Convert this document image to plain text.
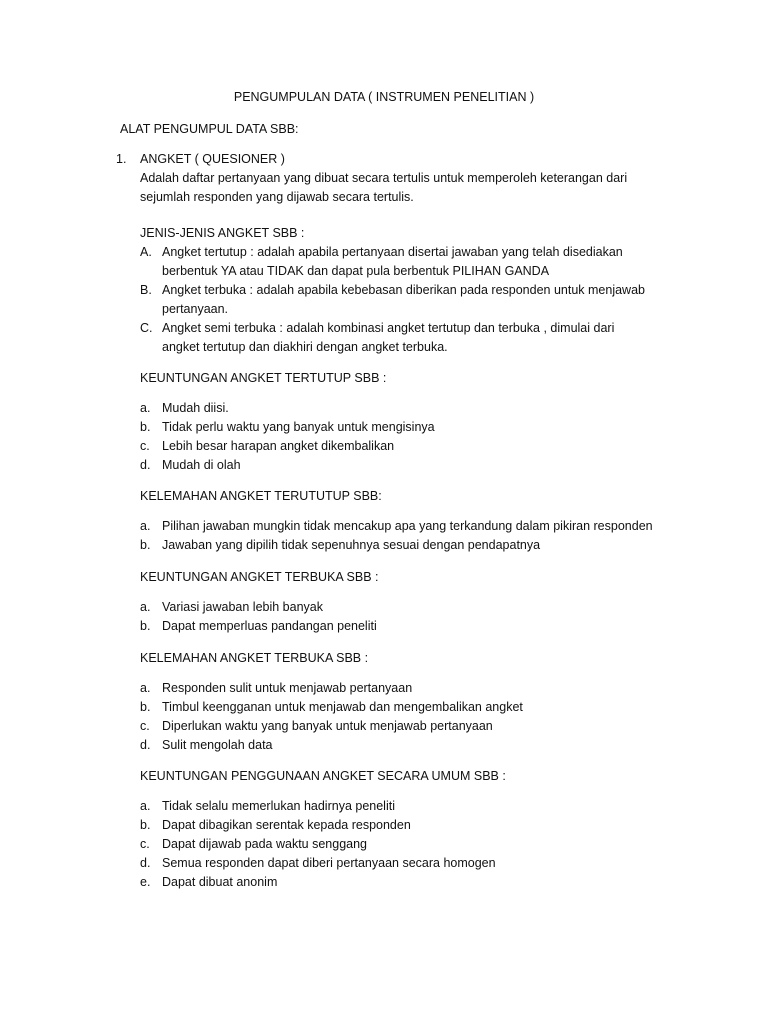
PENGUMPULAN DATA ( INSTRUMEN PENELITIAN )
ALAT PENGUMPUL DATA SBB:
1. ANGKET ( QUESIONER )
Adalah daftar pertanyaan yang dibuat secara tertulis untuk memperoleh keterangan dari
sejumlah responden yang dijawab secara tertulis.
JENIS-JENIS ANGKET SBB :
A. Angket tertutup : adalah apabila pertanyaan disertai jawaban yang telah disediakan
berbentuk YA atau TIDAK dan dapat pula berbentuk PILIHAN GANDA
B. Angket terbuka : adalah apabila kebebasan diberikan pada responden untuk menjawab
pertanyaan.
C. Angket semi terbuka : adalah kombinasi angket tertutup dan terbuka , dimulai dari
angket tertutup dan diakhiri dengan angket terbuka.
KEUNTUNGAN ANGKET TERTUTUP SBB :
a. Mudah diisi.
b. Tidak perlu waktu yang banyak untuk mengisinya
c. Lebih besar harapan angket dikembalikan
d. Mudah di olah
KELEMAHAN ANGKET TERUTUTUP SBB:
a. Pilihan jawaban mungkin tidak mencakup apa yang terkandung dalam pikiran responden
b. Jawaban yang dipilih tidak sepenuhnya sesuai dengan pendapatnya
KEUNTUNGAN ANGKET TERBUKA SBB :
a. Variasi jawaban lebih banyak
b. Dapat memperluas pandangan peneliti
KELEMAHAN ANGKET TERBUKA SBB :
a. Responden sulit untuk menjawab pertanyaan
b. Timbul keengganan untuk menjawab dan mengembalikan angket
c. Diperlukan waktu yang banyak untuk menjawab pertanyaan
d. Sulit mengolah data
KEUNTUNGAN PENGGUNAAN ANGKET SECARA UMUM SBB :
a. Tidak selalu memerlukan hadirnya peneliti
b. Dapat dibagikan serentak kepada responden
c. Dapat dijawab pada waktu senggang
d. Semua responden dapat diberi pertanyaan secara homogen
e. Dapat dibuat anonim
